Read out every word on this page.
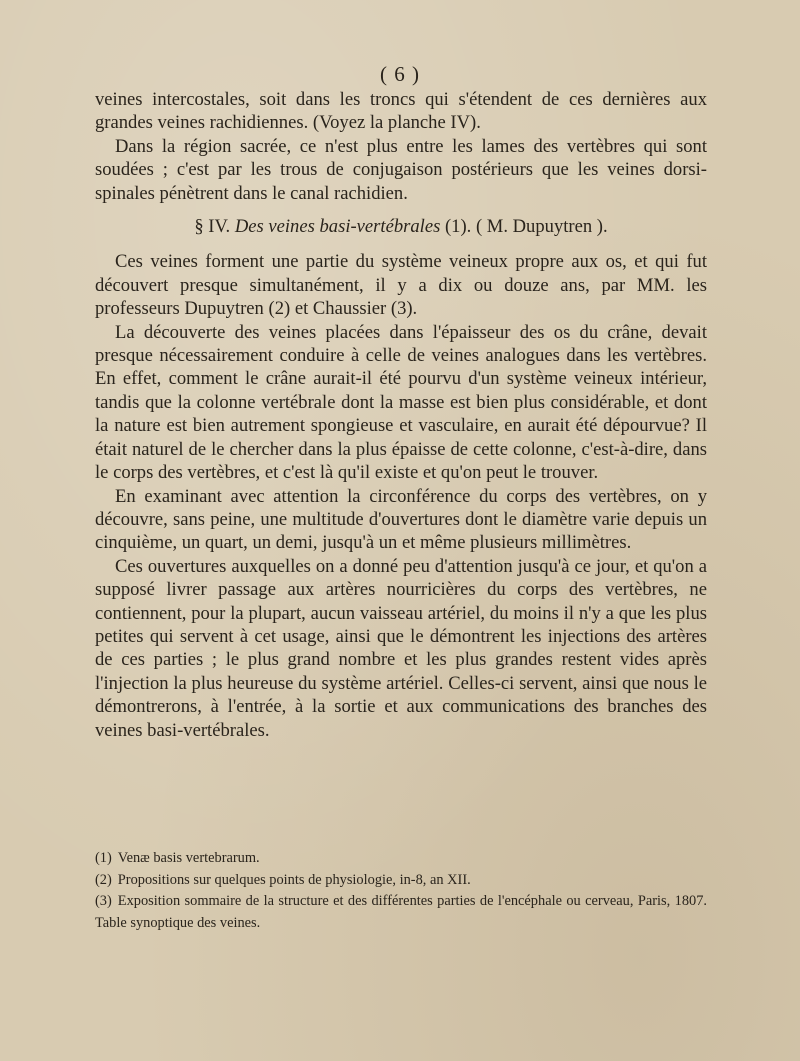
( 6 )

veines intercostales, soit dans les troncs qui s'étendent de ces dernières aux grandes veines rachidiennes. (Voyez la planche IV).

Dans la région sacrée, ce n'est plus entre les lames des vertèbres qui sont soudées ; c'est par les trous de conjugaison postérieurs que les veines dorsi-spinales pénètrent dans le canal rachidien.

§ IV. Des veines basi-vertébrales (1). ( M. Dupuytren ).

Ces veines forment une partie du système veineux propre aux os, et qui fut découvert presque simultanément, il y a dix ou douze ans, par MM. les professeurs Dupuytren (2) et Chaussier (3).

La découverte des veines placées dans l'épaisseur des os du crâne, devait presque nécessairement conduire à celle de veines analogues dans les vertèbres. En effet, comment le crâne aurait-il été pourvu d'un système veineux intérieur, tandis que la colonne vertébrale dont la masse est bien plus considérable, et dont la nature est bien autrement spongieuse et vasculaire, en aurait été dépourvue? Il était naturel de le chercher dans la plus épaisse de cette colonne, c'est-à-dire, dans le corps des vertèbres, et c'est là qu'il existe et qu'on peut le trouver.

En examinant avec attention la circonférence du corps des vertèbres, on y découvre, sans peine, une multitude d'ouvertures dont le diamètre varie depuis un cinquième, un quart, un demi, jusqu'à un et même plusieurs millimètres.

Ces ouvertures auxquelles on a donné peu d'attention jusqu'à ce jour, et qu'on a supposé livrer passage aux artères nourricières du corps des vertèbres, ne contiennent, pour la plupart, aucun vaisseau artériel, du moins il n'y a que les plus petites qui servent à cet usage, ainsi que le démontrent les injections des artères de ces parties ; le plus grand nombre et les plus grandes restent vides après l'injection la plus heureuse du système artériel. Celles-ci servent, ainsi que nous le démontrerons, à l'entrée, à la sortie et aux communications des branches des veines basi-vertébrales.

(1) Venæ basis vertebrarum.

(2) Propositions sur quelques points de physiologie, in-8, an XII.

(3) Exposition sommaire de la structure et des différentes parties de l'encéphale ou cerveau, Paris, 1807. Table synoptique des veines.
